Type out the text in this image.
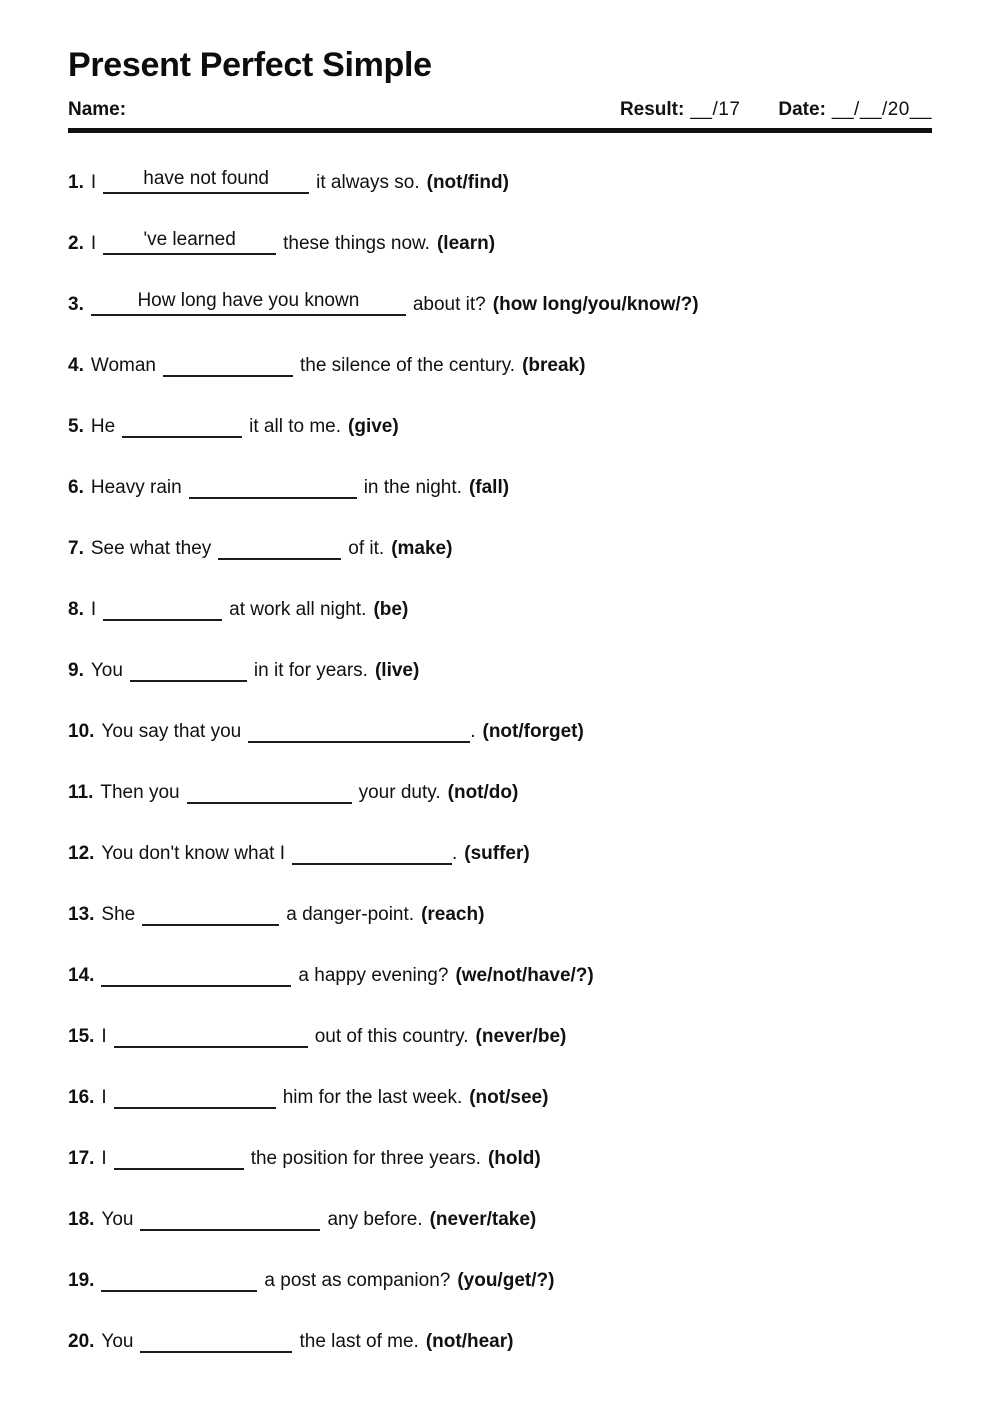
Present Perfect Simple
Name:	Result: __/17 Date: __/__/20__
1. I	have not found	it always so. (not/find)
2. I	've learned	these things now. (learn)
3.	How long have you known	about it? (how long/you/know/?)
4. Woman	the silence of the century. (break)
5. He	it all to me. (give)
6. Heavy rain	in the night. (fall)
7. See what they	of it. (make)
8. I	at work all night. (be)
9. You	in it for years. (live)
10. You say that you	. (not/forget)
11. Then you	your duty. (not/do)
12. You don't know what I	. (suffer)
13. She	a danger-point. (reach)
14.	a happy evening? (we/not/have/?)
15. I	out of this country. (never/be)
16. I	him for the last week. (not/see)
17. I	the position for three years. (hold)
18. You	any before. (never/take)
19.	a post as companion? (you/get/?)
20. You	the last of me. (not/hear)
